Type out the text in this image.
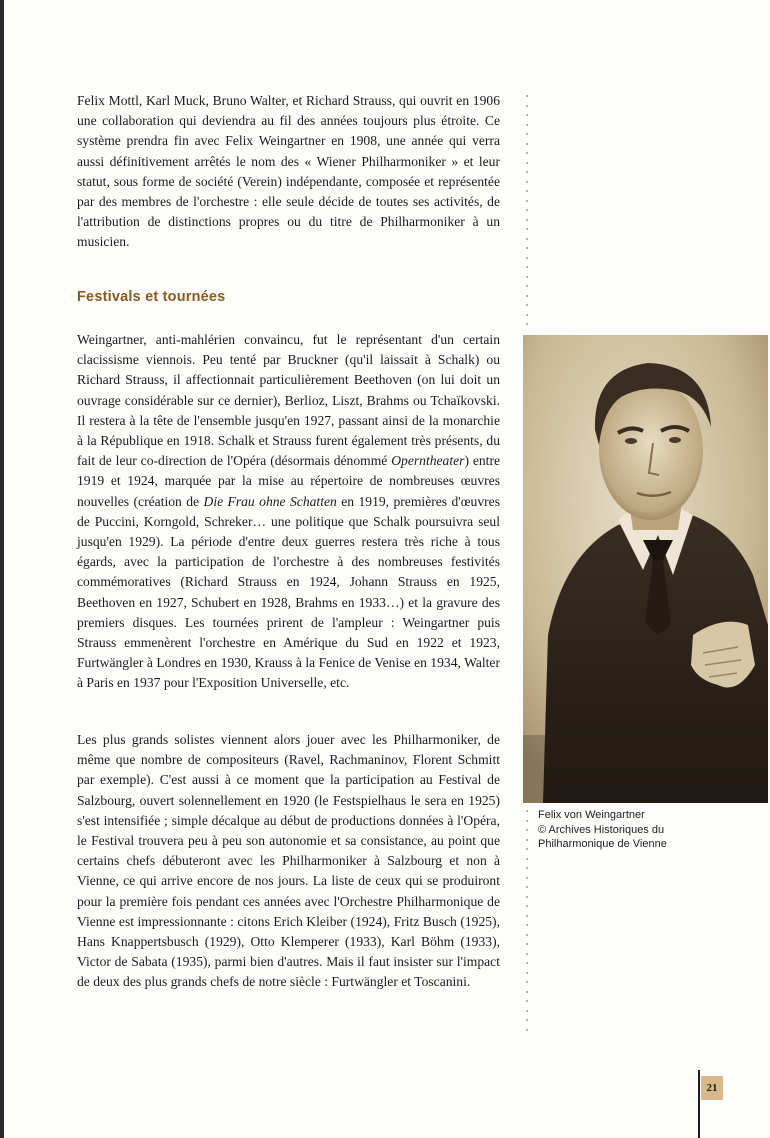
Felix Mottl, Karl Muck, Bruno Walter, et Richard Strauss, qui ouvrit en 1906 une collaboration qui deviendra au fil des années toujours plus étroite. Ce système prendra fin avec Felix Weingartner en 1908, une année qui verra aussi définitivement arrêtés le nom des « Wiener Philharmoniker » et leur statut, sous forme de société (Verein) indépendante, composée et représentée par des membres de l'orchestre : elle seule décide de toutes ses activités, de l'attribution de distinctions propres ou du titre de Philharmoniker à un musicien.

Festivals et tournées

Weingartner, anti-mahlérien convaincu, fut le représentant d'un certain clacissisme viennois. Peu tenté par Bruckner (qu'il laissait à Schalk) ou Richard Strauss, il affectionnait particulièrement Beethoven (on lui doit un ouvrage considérable sur ce dernier), Berlioz, Liszt, Brahms ou Tchaïkovski. Il restera à la tête de l'ensemble jusqu'en 1927, passant ainsi de la monarchie à la République en 1918. Schalk et Strauss furent également très présents, du fait de leur co-direction de l'Opéra (désormais dénommé Operntheater) entre 1919 et 1924, marquée par la mise au répertoire de nombreuses œuvres nouvelles (création de Die Frau ohne Schatten en 1919, premières d'œuvres de Puccini, Korngold, Schreker… une politique que Schalk poursuivra seul jusqu'en 1929). La période d'entre deux guerres restera très riche à tous égards, avec la participation de l'orchestre à des nombreuses festivités commémoratives (Richard Strauss en 1924, Johann Strauss en 1925, Beethoven en 1927, Schubert en 1928, Brahms en 1933…) et la gravure des premiers disques. Les tournées prirent de l'ampleur : Weingartner puis Strauss emmenèrent l'orchestre en Amérique du Sud en 1922 et 1923, Furtwängler à Londres en 1930, Krauss à la Fenice de Venise en 1934, Walter à Paris en 1937 pour l'Exposition Universelle, etc.

Les plus grands solistes viennent alors jouer avec les Philharmoniker, de même que nombre de compositeurs (Ravel, Rachmaninov, Florent Schmitt par exemple). C'est aussi à ce moment que la participation au Festival de Salzbourg, ouvert solennellement en 1920 (le Festspielhaus le sera en 1925) s'est intensifiée ; simple décalque au début de productions données à l'Opéra, le Festival trouvera peu à peu son autonomie et sa consistance, au point que certains chefs débuteront avec les Philharmoniker à Salzbourg et non à Vienne, ce qui arrive encore de nos jours. La liste de ceux qui se produiront pour la première fois pendant ces années avec l'Orchestre Philharmonique de Vienne est impressionnante : citons Erich Kleiber (1924), Fritz Busch (1925), Hans Knappertsbusch (1929), Otto Klemperer (1933), Karl Böhm (1933), Victor de Sabata (1935), parmi bien d'autres. Mais il faut insister sur l'impact de deux des plus grands chefs de notre siècle : Furtwängler et Toscanini.

Felix von Weingartner
© Archives Historiques du
Philharmonique de Vienne
21
